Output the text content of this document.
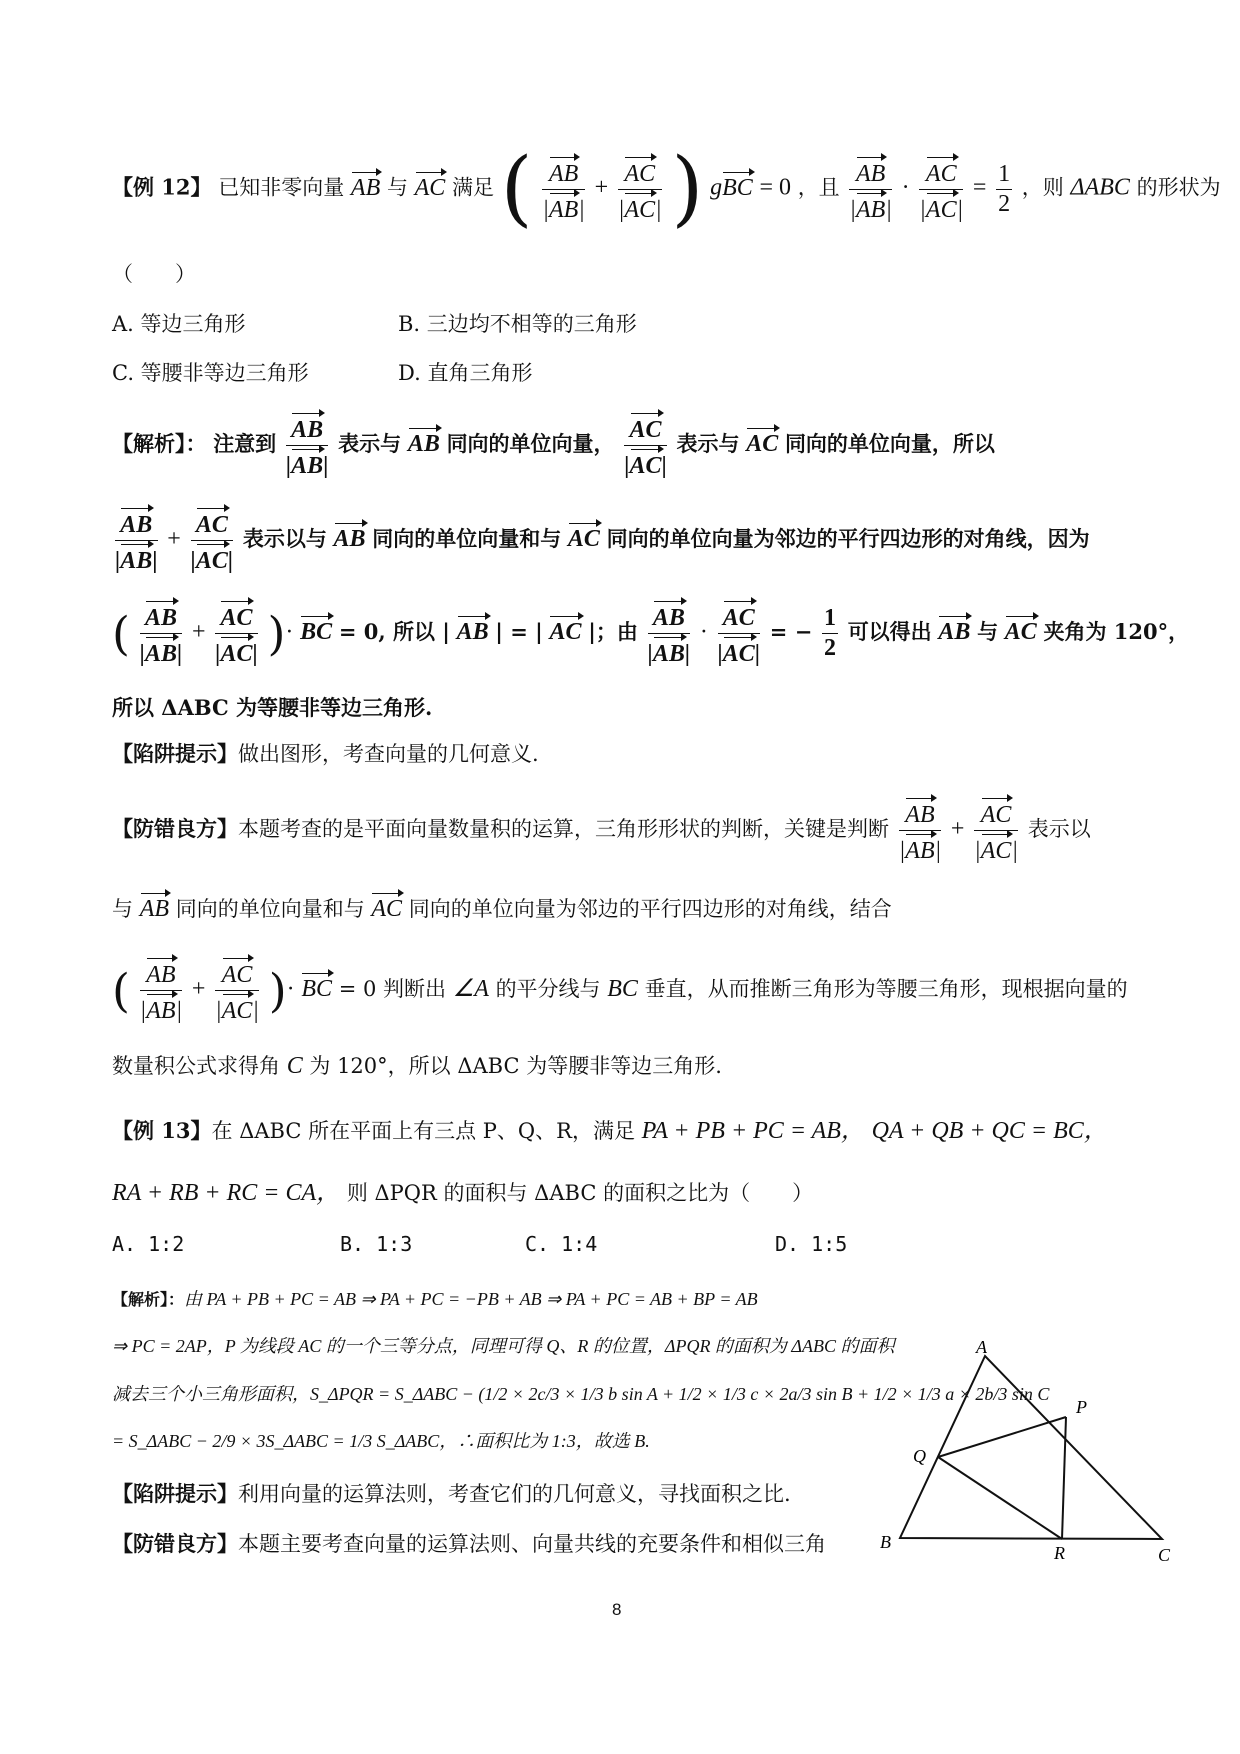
【例 12】 已知非零向量 AB 与 AC 满足 ( $\frac{AB}{|AB|} + \frac{AC}{|AC|}$ ) gBC = 0 ，且 $\frac{AB}{|AB|} \cdot \frac{AC}{|AC|} = \frac{1}{2}$ ，则 ΔABC 的形状为
（　　）
A. 等边三角形	B. 三边均不相等的三角形
C. 等腰非等边三角形	D. 直角三角形
【解析】： 注意到 $\frac{AB}{|AB|}$ 表示与 AB 同向的单位向量， $\frac{AC}{|AC|}$ 表示与 AC 同向的单位向量，所以
$\frac{AB}{|AB|} + \frac{AC}{|AC|}$ 表示以与 AB 同向的单位向量和与 AC 同向的单位向量为邻边的平行四边形的对角线，因为
( $\frac{AB}{|AB|} + \frac{AC}{|AC|}$ )· BC = 0, 所以 | AB | = | AC |；由 $\frac{AB}{|AB|} \cdot \frac{AC}{|AC|}$ = − $\frac{1}{2}$ 可以得出 AB 与 AC 夹角为 120°，
所以 ΔABC 为等腰非等边三角形.
【陷阱提示】做出图形，考查向量的几何意义.
【防错良方】本题考查的是平面向量数量积的运算，三角形形状的判断，关键是判断 $\frac{AB}{|AB|} + \frac{AC}{|AC|}$ 表示以
与 AB 同向的单位向量和与 AC 同向的单位向量为邻边的平行四边形的对角线，结合
( $\frac{AB}{|AB|} + \frac{AC}{|AC|}$ )· BC = 0 判断出 ∠A 的平分线与 BC 垂直，从而推断三角形为等腰三角形，现根据向量的
数量积公式求得角 C 为 120°，所以 ΔABC 为等腰非等边三角形.
【例 13】在 ΔABC 所在平面上有三点 P、Q、R，满足 PA + PB + PC = AB， QA + QB + QC = BC，
RA + RB + RC = CA， 则 ΔPQR 的面积与 ΔABC 的面积之比为（　　）
A. 1:2	B. 1:3	C. 1:4	D. 1:5
【解析】：由 PA + PB + PC = AB ⇒ PA + PC = −PB + AB ⇒ PA + PC = AB + BP = AB
⇒ PC = 2AP，P 为线段 AC 的一个三等分点，同理可得 Q、R 的位置，ΔPQR 的面积为 ΔABC 的面积
减去三个小三角形面积，S_ΔPQR = S_ΔABC − (1/2 × 2c/3 × 1/3 b sin A + 1/2 × 1/3 c × 2a/3 sin B + 1/2 × 1/3 a × 2b/3 sin C
= S_ΔABC − 2/9 × 3S_ΔABC = 1/3 S_ΔABC，∴面积比为 1:3，故选 B.
【陷阱提示】利用向量的运算法则，考查它们的几何意义，寻找面积之比.
【防错良方】本题主要考查向量的运算法则、向量共线的充要条件和相似三角
A
B
C
P
Q
R
8
